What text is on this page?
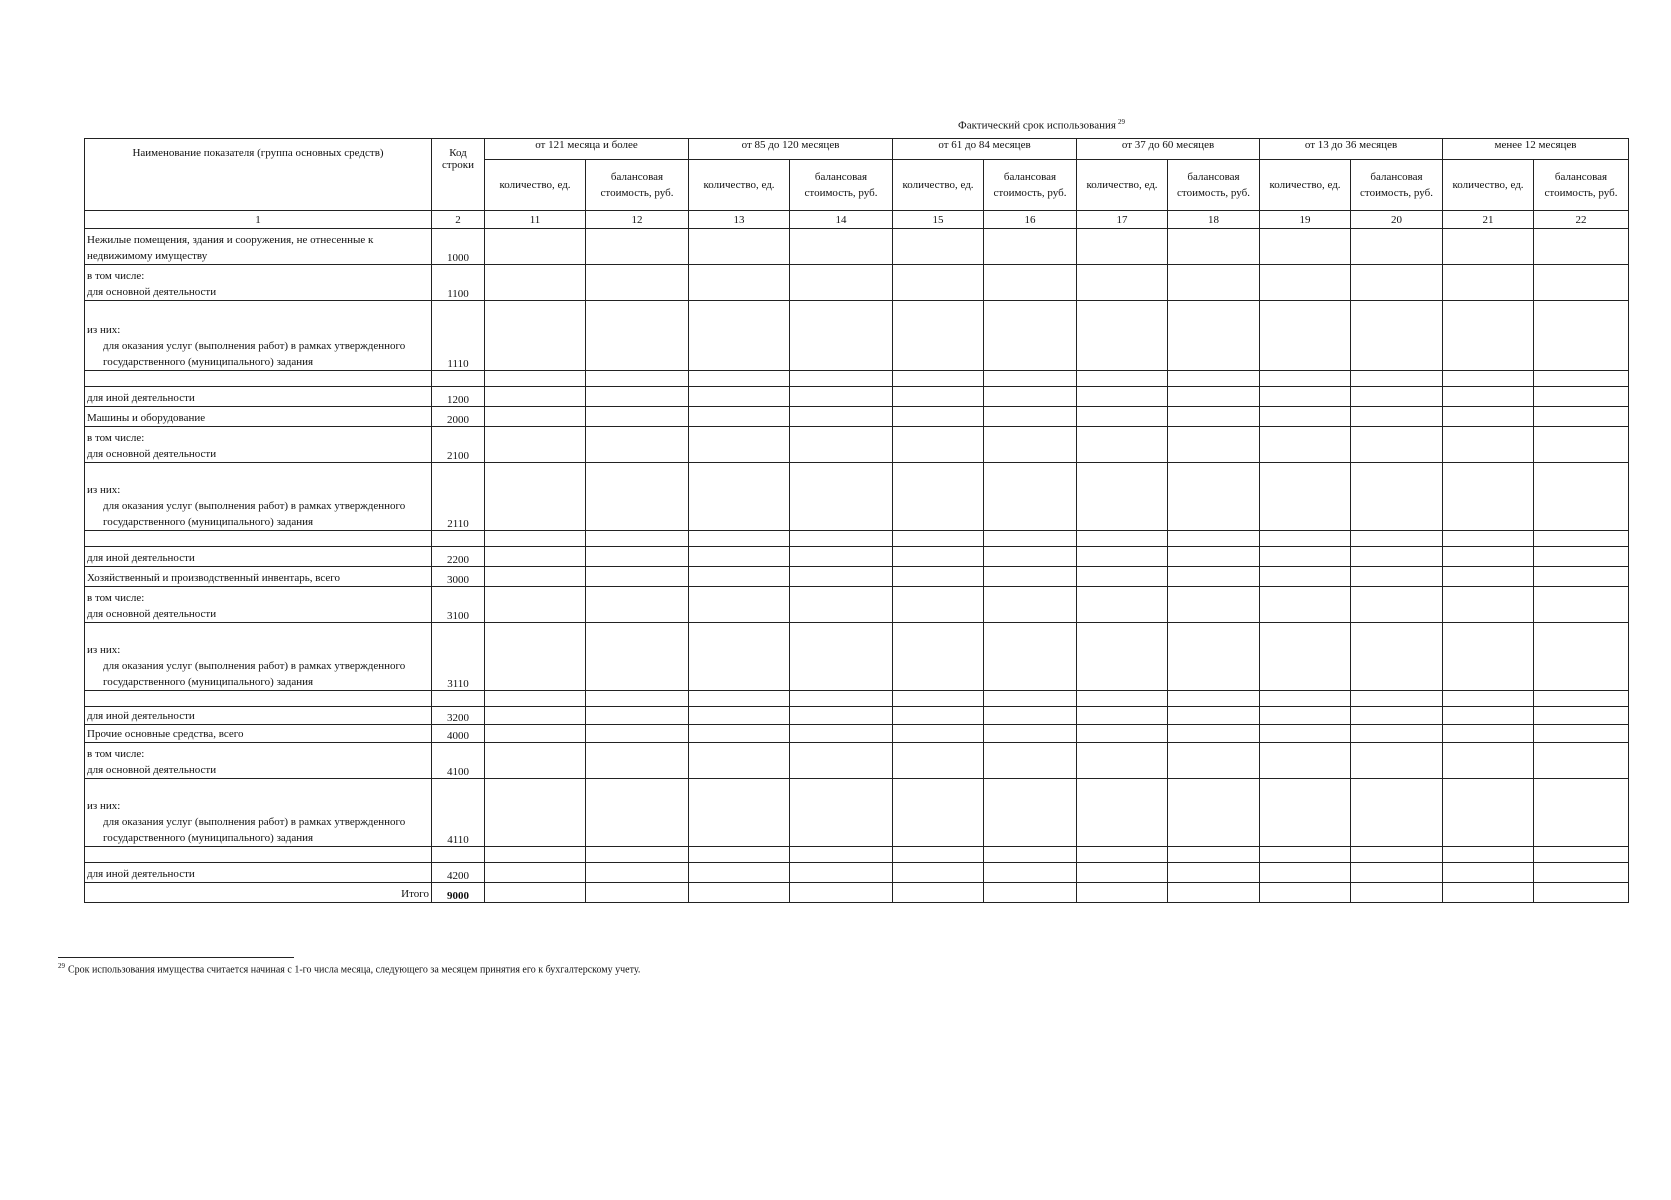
Фактический срок использования $^{29}$
Наименование показателя (группа основных средств)	Код строки	от 121 месяца и более		от 85 до 120 месяцев		от 61 до 84 месяцев		от 37 до 60 месяцев		от 13 до 36 месяцев		менее 12 месяцев	
		количество, ед.	балансовая стоимость, руб.	количество, ед.	балансовая стоимость, руб.	количество, ед.	балансовая стоимость, руб.	количество, ед.	балансовая стоимость, руб.	количество, ед.	балансовая стоимость, руб.	количество, ед.	балансовая стоимость, руб.
1	2	11	12	13	14	15	16	17	18	19	20	21	22

Нежилые помещения, здания и сооружения, не отнесенные к недвижимому имуществу	1000												

в том числе:
для основной деятельности	1100												

из них:
для оказания услуг (выполнения работ) в рамках утвержденного государственного (муниципального) задания	1110												

для иной деятельности	1200												

Машины и оборудование	2000												

в том числе:
для основной деятельности	2100												

из них:
для оказания услуг (выполнения работ) в рамках утвержденного государственного (муниципального) задания	2110												

для иной деятельности	2200												

Хозяйственный и производственный инвентарь, всего	3000												

в том числе:
для основной деятельности	3100												

из них:
для оказания услуг (выполнения работ) в рамках утвержденного государственного (муниципального) задания	3110												

для иной деятельности	3200												

Прочие основные средства, всего	4000												

в том числе:
для основной деятельности	4100												

из них:
для оказания услуг (выполнения работ) в рамках утвержденного государственного (муниципального) задания	4110												

для иной деятельности	4200												

Итого	9000												
$^{29}$ Срок использования имущества считается начиная с 1-го числа месяца, следующего за месяцем принятия его к бухгалтерскому учету.
